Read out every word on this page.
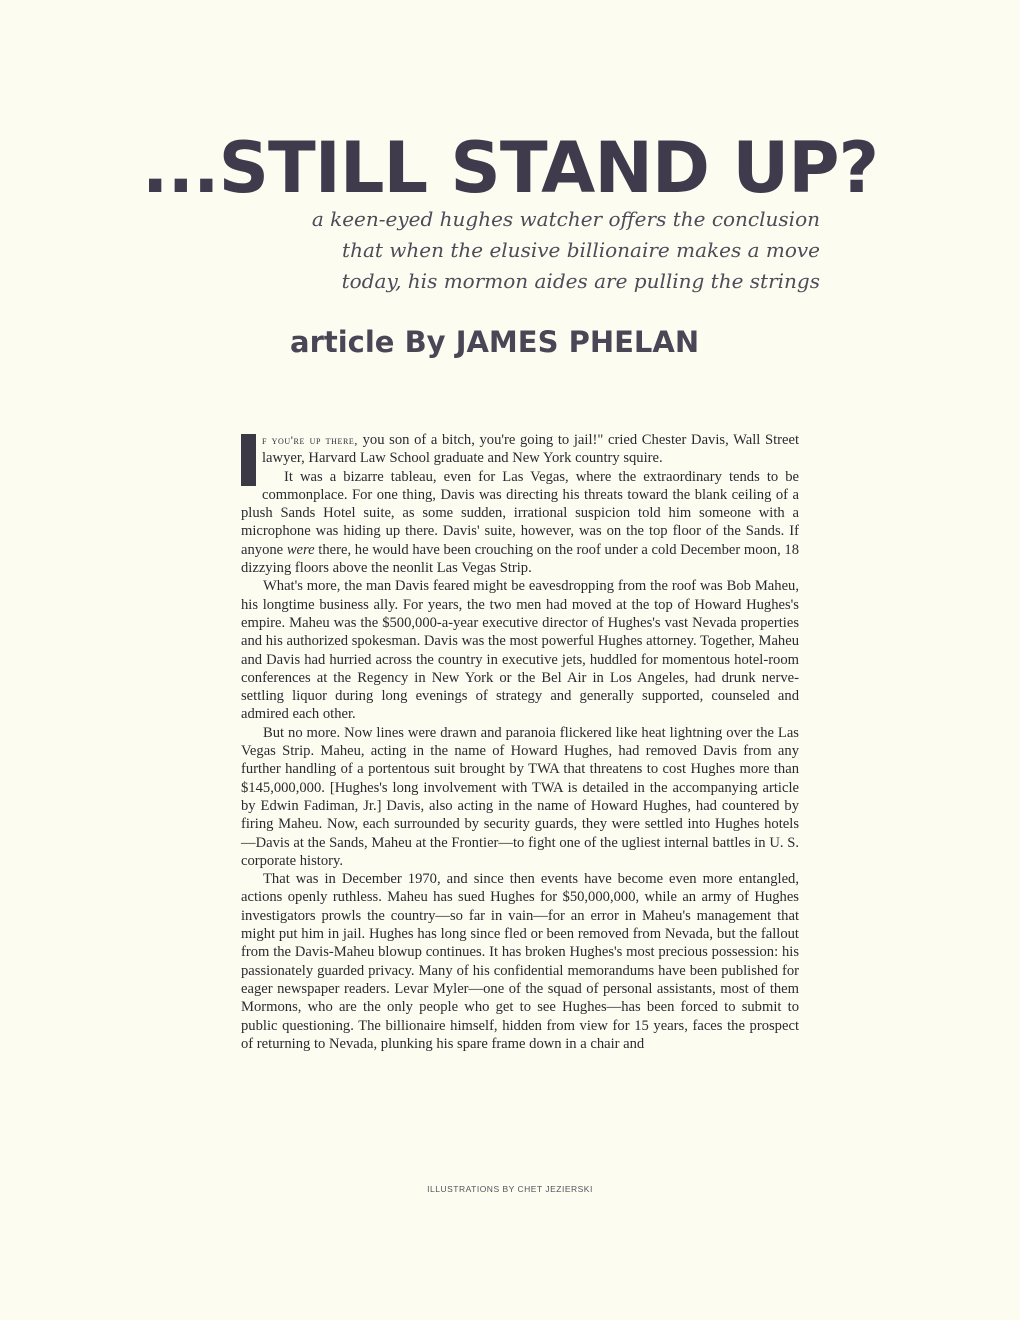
...STILL STAND UP?
a keen-eyed hughes watcher offers the conclusion
that when the elusive billionaire makes a move
today, his mormon aides are pulling the strings
article By JAMES PHELAN

f you're up there, you son of a bitch, you're going to jail!" cried Chester Davis, Wall Street lawyer, Harvard Law School graduate and New York country squire.

It was a bizarre tableau, even for Las Vegas, where the extraordinary tends to be commonplace. For one thing, Davis was directing his threats toward the blank ceiling of a plush Sands Hotel suite, as some sudden, irrational suspicion told him someone with a microphone was hiding up there. Davis' suite, however, was on the top floor of the Sands. If anyone were there, he would have been crouching on the roof under a cold December moon, 18 dizzying floors above the neonlit Las Vegas Strip.

What's more, the man Davis feared might be eavesdropping from the roof was Bob Maheu, his longtime business ally. For years, the two men had moved at the top of Howard Hughes's empire. Maheu was the $500,000-a-year executive director of Hughes's vast Nevada properties and his authorized spokesman. Davis was the most powerful Hughes attorney. Together, Maheu and Davis had hurried across the country in executive jets, huddled for momentous hotel-room conferences at the Regency in New York or the Bel Air in Los Angeles, had drunk nerve-settling liquor during long evenings of strategy and generally supported, counseled and admired each other.

But no more. Now lines were drawn and paranoia flickered like heat lightning over the Las Vegas Strip. Maheu, acting in the name of Howard Hughes, had removed Davis from any further handling of a portentous suit brought by TWA that threatens to cost Hughes more than $145,000,000. [Hughes's long involvement with TWA is detailed in the accompanying article by Edwin Fadiman, Jr.] Davis, also acting in the name of Howard Hughes, had countered by firing Maheu. Now, each surrounded by security guards, they were settled into Hughes hotels—Davis at the Sands, Maheu at the Frontier—to fight one of the ugliest internal battles in U. S. corporate history.

That was in December 1970, and since then events have become even more entangled, actions openly ruthless. Maheu has sued Hughes for $50,000,000, while an army of Hughes investigators prowls the country—so far in vain—for an error in Maheu's management that might put him in jail. Hughes has long since fled or been removed from Nevada, but the fallout from the Davis-Maheu blowup continues. It has broken Hughes's most precious possession: his passionately guarded privacy. Many of his confidential memorandums have been published for eager newspaper readers. Levar Myler—one of the squad of personal assistants, most of them Mormons, who are the only people who get to see Hughes—has been forced to submit to public questioning. The billionaire himself, hidden from view for 15 years, faces the prospect of returning to Nevada, plunking his spare frame down in a chair and

ILLUSTRATIONS BY CHET JEZIERSKI
